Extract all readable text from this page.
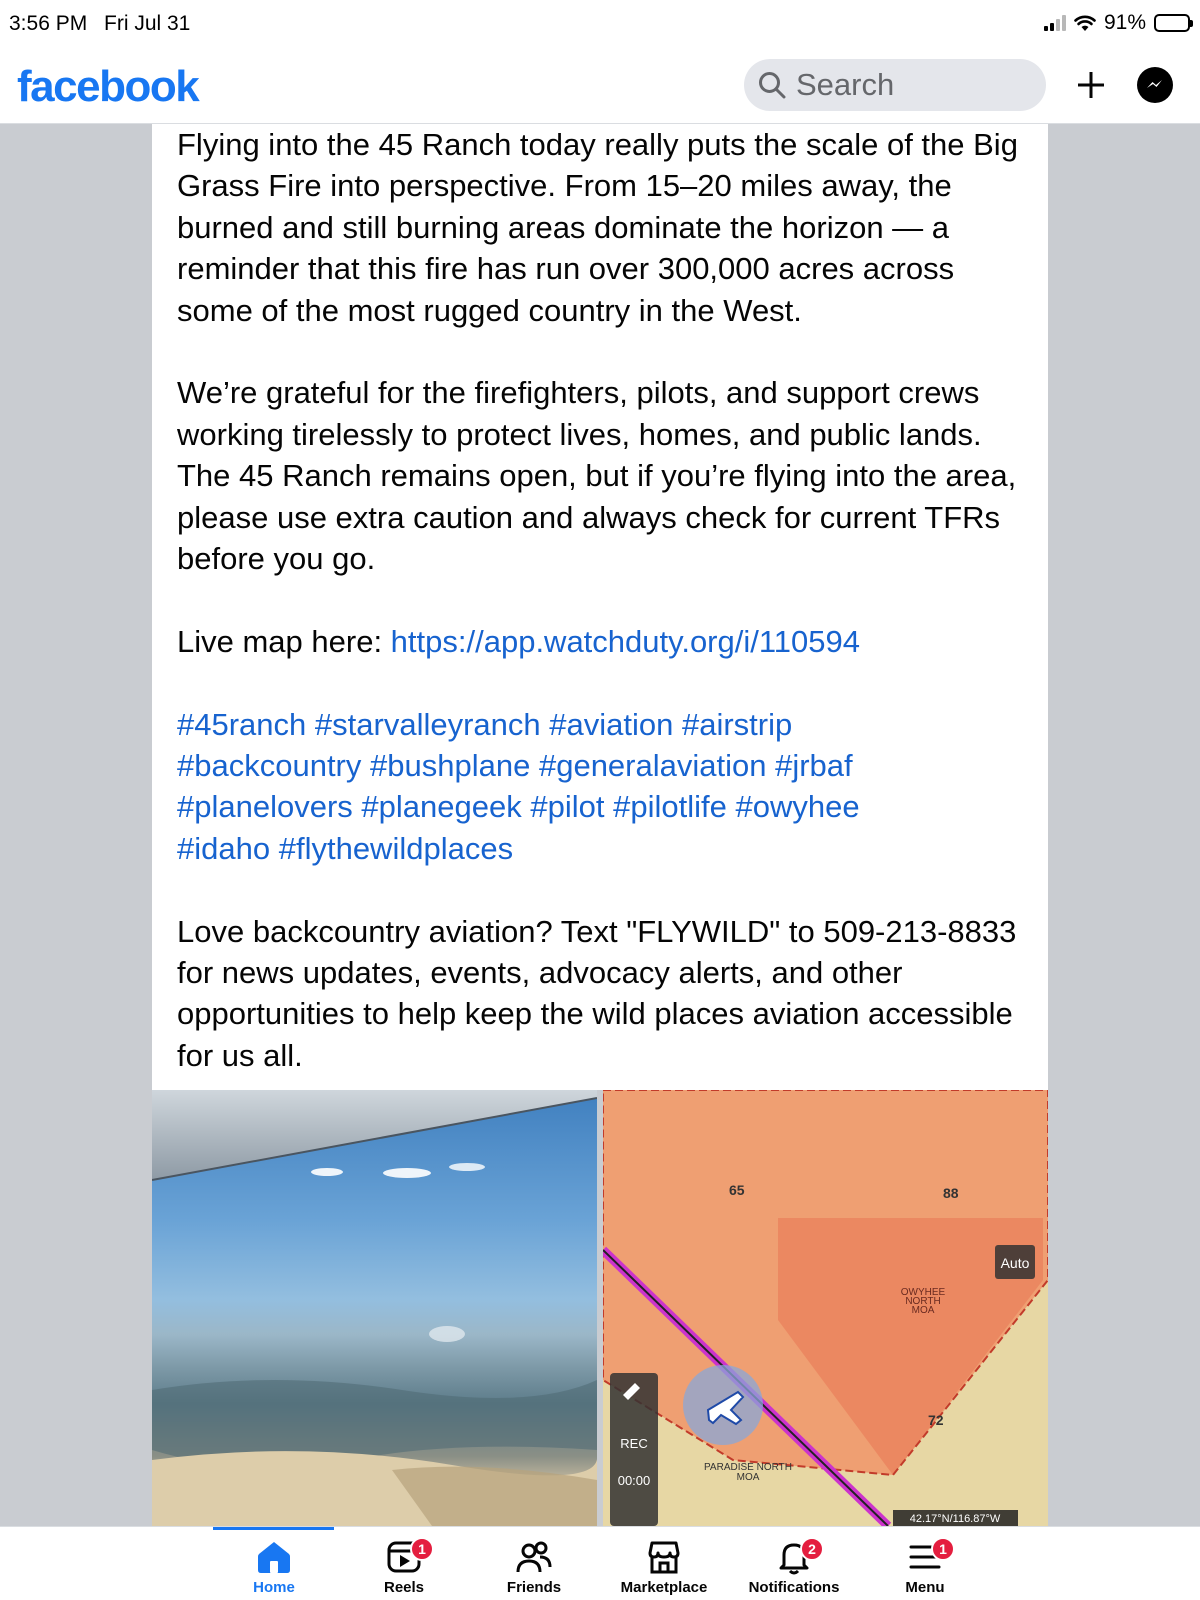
3:56 PM Fri Jul 31	91%
facebook
Search

Flying into the 45 Ranch today really puts the scale of the Big Grass Fire into perspective. From 15–20 miles away, the burned and still burning areas dominate the horizon — a reminder that this fire has run over 300,000 acres across some of the most rugged country in the West.

We’re grateful for the firefighters, pilots, and support crews working tirelessly to protect lives, homes, and public lands. The 45 Ranch remains open, but if you’re flying into the area, please use extra caution and always check for current TFRs before you go.

Live map here: https://app.watchduty.org/i/110594

#45ranch #starvalleyranch #aviation #airstrip
#backcountry #bushplane #generalaviation #jrbaf
#planelovers #planegeek #pilot #pilotlife #owyhee
#idaho #flythewildplaces

Love backcountry aviation? Text "FLYWILD" to 509-213-8833 for news updates, events, advocacy alerts, and other opportunities to help keep the wild places aviation accessible for us all.

Auto
REC
00:00
65	88
72
OWYHEE
NORTH
MOA
PARADISE NORTH
MOA
42.17°N/116.87°W
Home
1
Reels	Friends	Marketplace
2
Notifications
1
Menu
